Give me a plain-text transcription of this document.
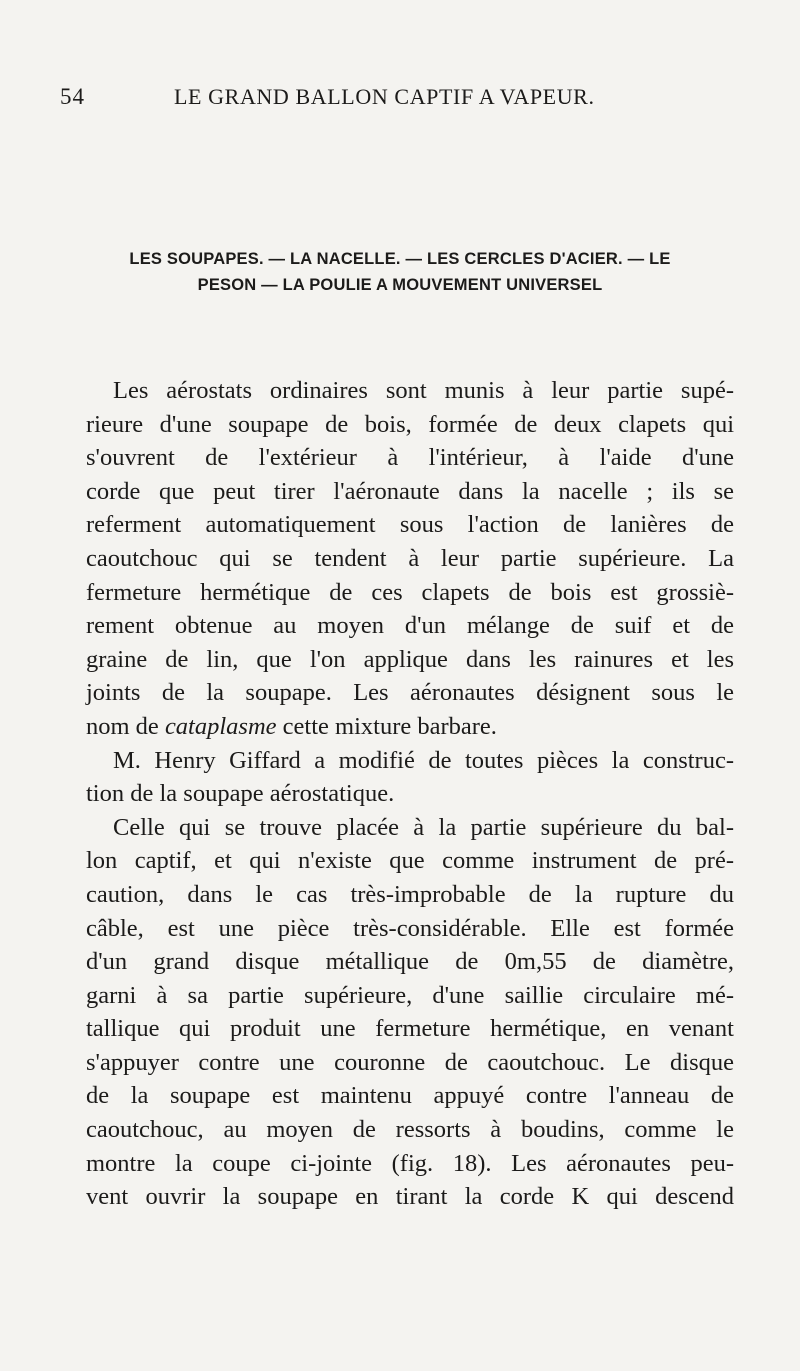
54	LE GRAND BALLON CAPTIF A VAPEUR.
LES SOUPAPES. — LA NACELLE. — LES CERCLES D'ACIER. — LE
PESON — LA POULIE A MOUVEMENT UNIVERSEL
Les aérostats ordinaires sont munis à leur partie supé-
rieure d'une soupape de bois, formée de deux clapets qui
s'ouvrent de l'extérieur à l'intérieur, à l'aide d'une
corde que peut tirer l'aéronaute dans la nacelle ; ils se
referment automatiquement sous l'action de lanières de
caoutchouc qui se tendent à leur partie supérieure. La
fermeture hermétique de ces clapets de bois est grossiè-
rement obtenue au moyen d'un mélange de suif et de
graine de lin, que l'on applique dans les rainures et les
joints de la soupape. Les aéronautes désignent sous le
nom de cataplasme cette mixture barbare.
M. Henry Giffard a modifié de toutes pièces la construc-
tion de la soupape aérostatique.
Celle qui se trouve placée à la partie supérieure du bal-
lon captif, et qui n'existe que comme instrument de pré-
caution, dans le cas très-improbable de la rupture du
câble, est une pièce très-considérable. Elle est formée
d'un grand disque métallique de 0m,55 de diamètre,
garni à sa partie supérieure, d'une saillie circulaire mé-
tallique qui produit une fermeture hermétique, en venant
s'appuyer contre une couronne de caoutchouc. Le disque
de la soupape est maintenu appuyé contre l'anneau de
caoutchouc, au moyen de ressorts à boudins, comme le
montre la coupe ci-jointe (fig. 18). Les aéronautes peu-
vent ouvrir la soupape en tirant la corde K qui descend
